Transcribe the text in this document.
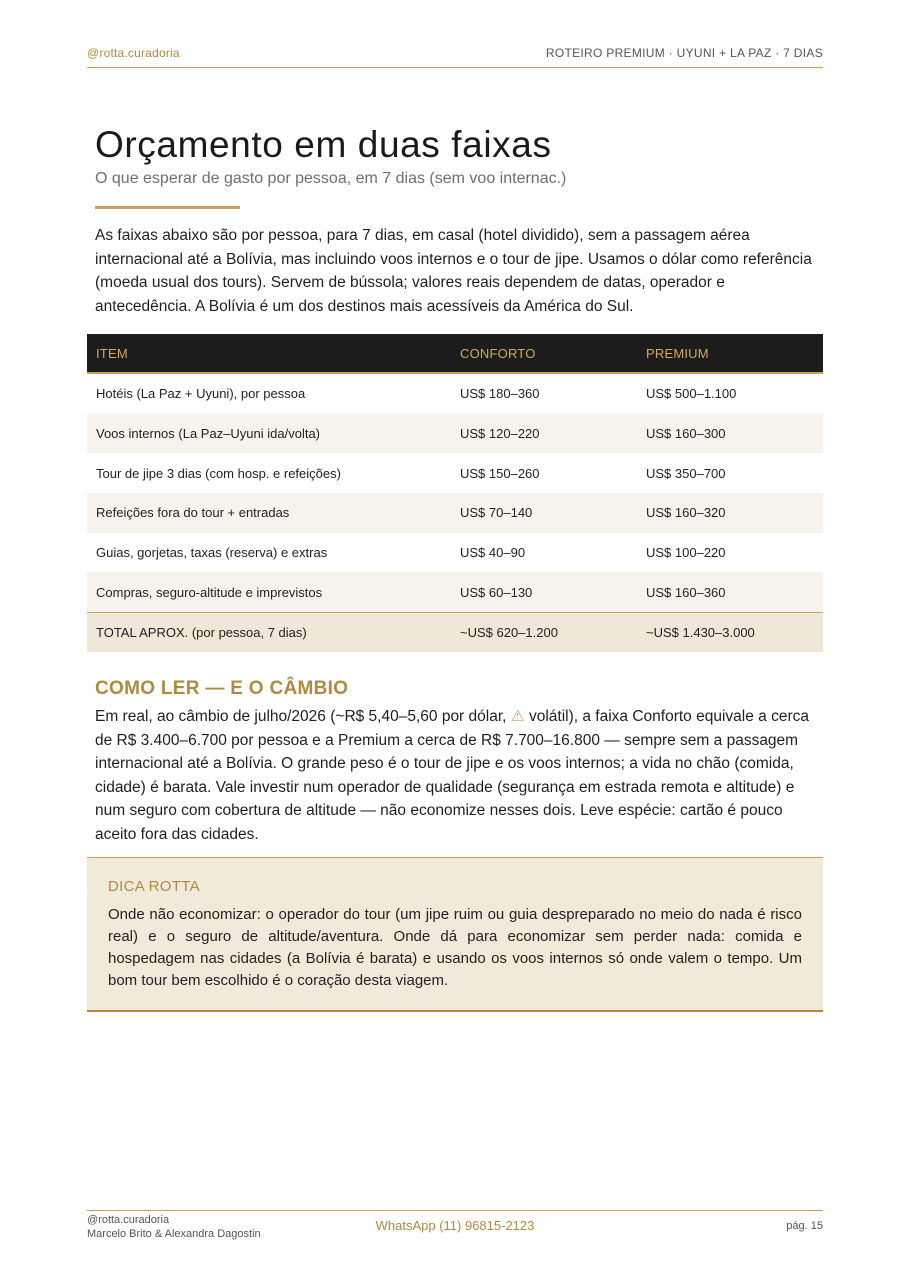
@rotta.curadoria	ROTEIRO PREMIUM · UYUNI + LA PAZ · 7 DIAS
Orçamento em duas faixas
O que esperar de gasto por pessoa, em 7 dias (sem voo internac.)

As faixas abaixo são por pessoa, para 7 dias, em casal (hotel dividido), sem a passagem aérea internacional até a Bolívia, mas incluindo voos internos e o tour de jipe. Usamos o dólar como referência (moeda usual dos tours). Servem de bússola; valores reais dependem de datas, operador e antecedência. A Bolívia é um dos destinos mais acessíveis da América do Sul.

ITEM	CONFORTO	PREMIUM
Hotéis (La Paz + Uyuni), por pessoa	US$ 180–360	US$ 500–1.100
Voos internos (La Paz–Uyuni ida/volta)	US$ 120–220	US$ 160–300
Tour de jipe 3 dias (com hosp. e refeições)	US$ 150–260	US$ 350–700
Refeições fora do tour + entradas	US$ 70–140	US$ 160–320
Guias, gorjetas, taxas (reserva) e extras	US$ 40–90	US$ 100–220
Compras, seguro-altitude e imprevistos	US$ 60–130	US$ 160–360
TOTAL APROX. (por pessoa, 7 dias)	~US$ 620–1.200	~US$ 1.430–3.000
COMO LER — E O CÂMBIO

Em real, ao câmbio de julho/2026 (~R$ 5,40–5,60 por dólar, ⚠ volátil), a faixa Conforto equivale a cerca de R$ 3.400–6.700 por pessoa e a Premium a cerca de R$ 7.700–16.800 — sempre sem a passagem internacional até a Bolívia. O grande peso é o tour de jipe e os voos internos; a vida no chão (comida, cidade) é barata. Vale investir num operador de qualidade (segurança em estrada remota e altitude) e num seguro com cobertura de altitude — não economize nesses dois. Leve espécie: cartão é pouco aceito fora das cidades.

DICA ROTTA

Onde não economizar: o operador do tour (um jipe ruim ou guia despreparado no meio do nada é risco real) e o seguro de altitude/aventura. Onde dá para economizar sem perder nada: comida e hospedagem nas cidades (a Bolívia é barata) e usando os voos internos só onde valem o tempo. Um bom tour bem escolhido é o coração desta viagem.

@rotta.curadoria
Marcelo Brito & Alexandra Dagostin
WhatsApp (11) 96815-2123	pág. 15
